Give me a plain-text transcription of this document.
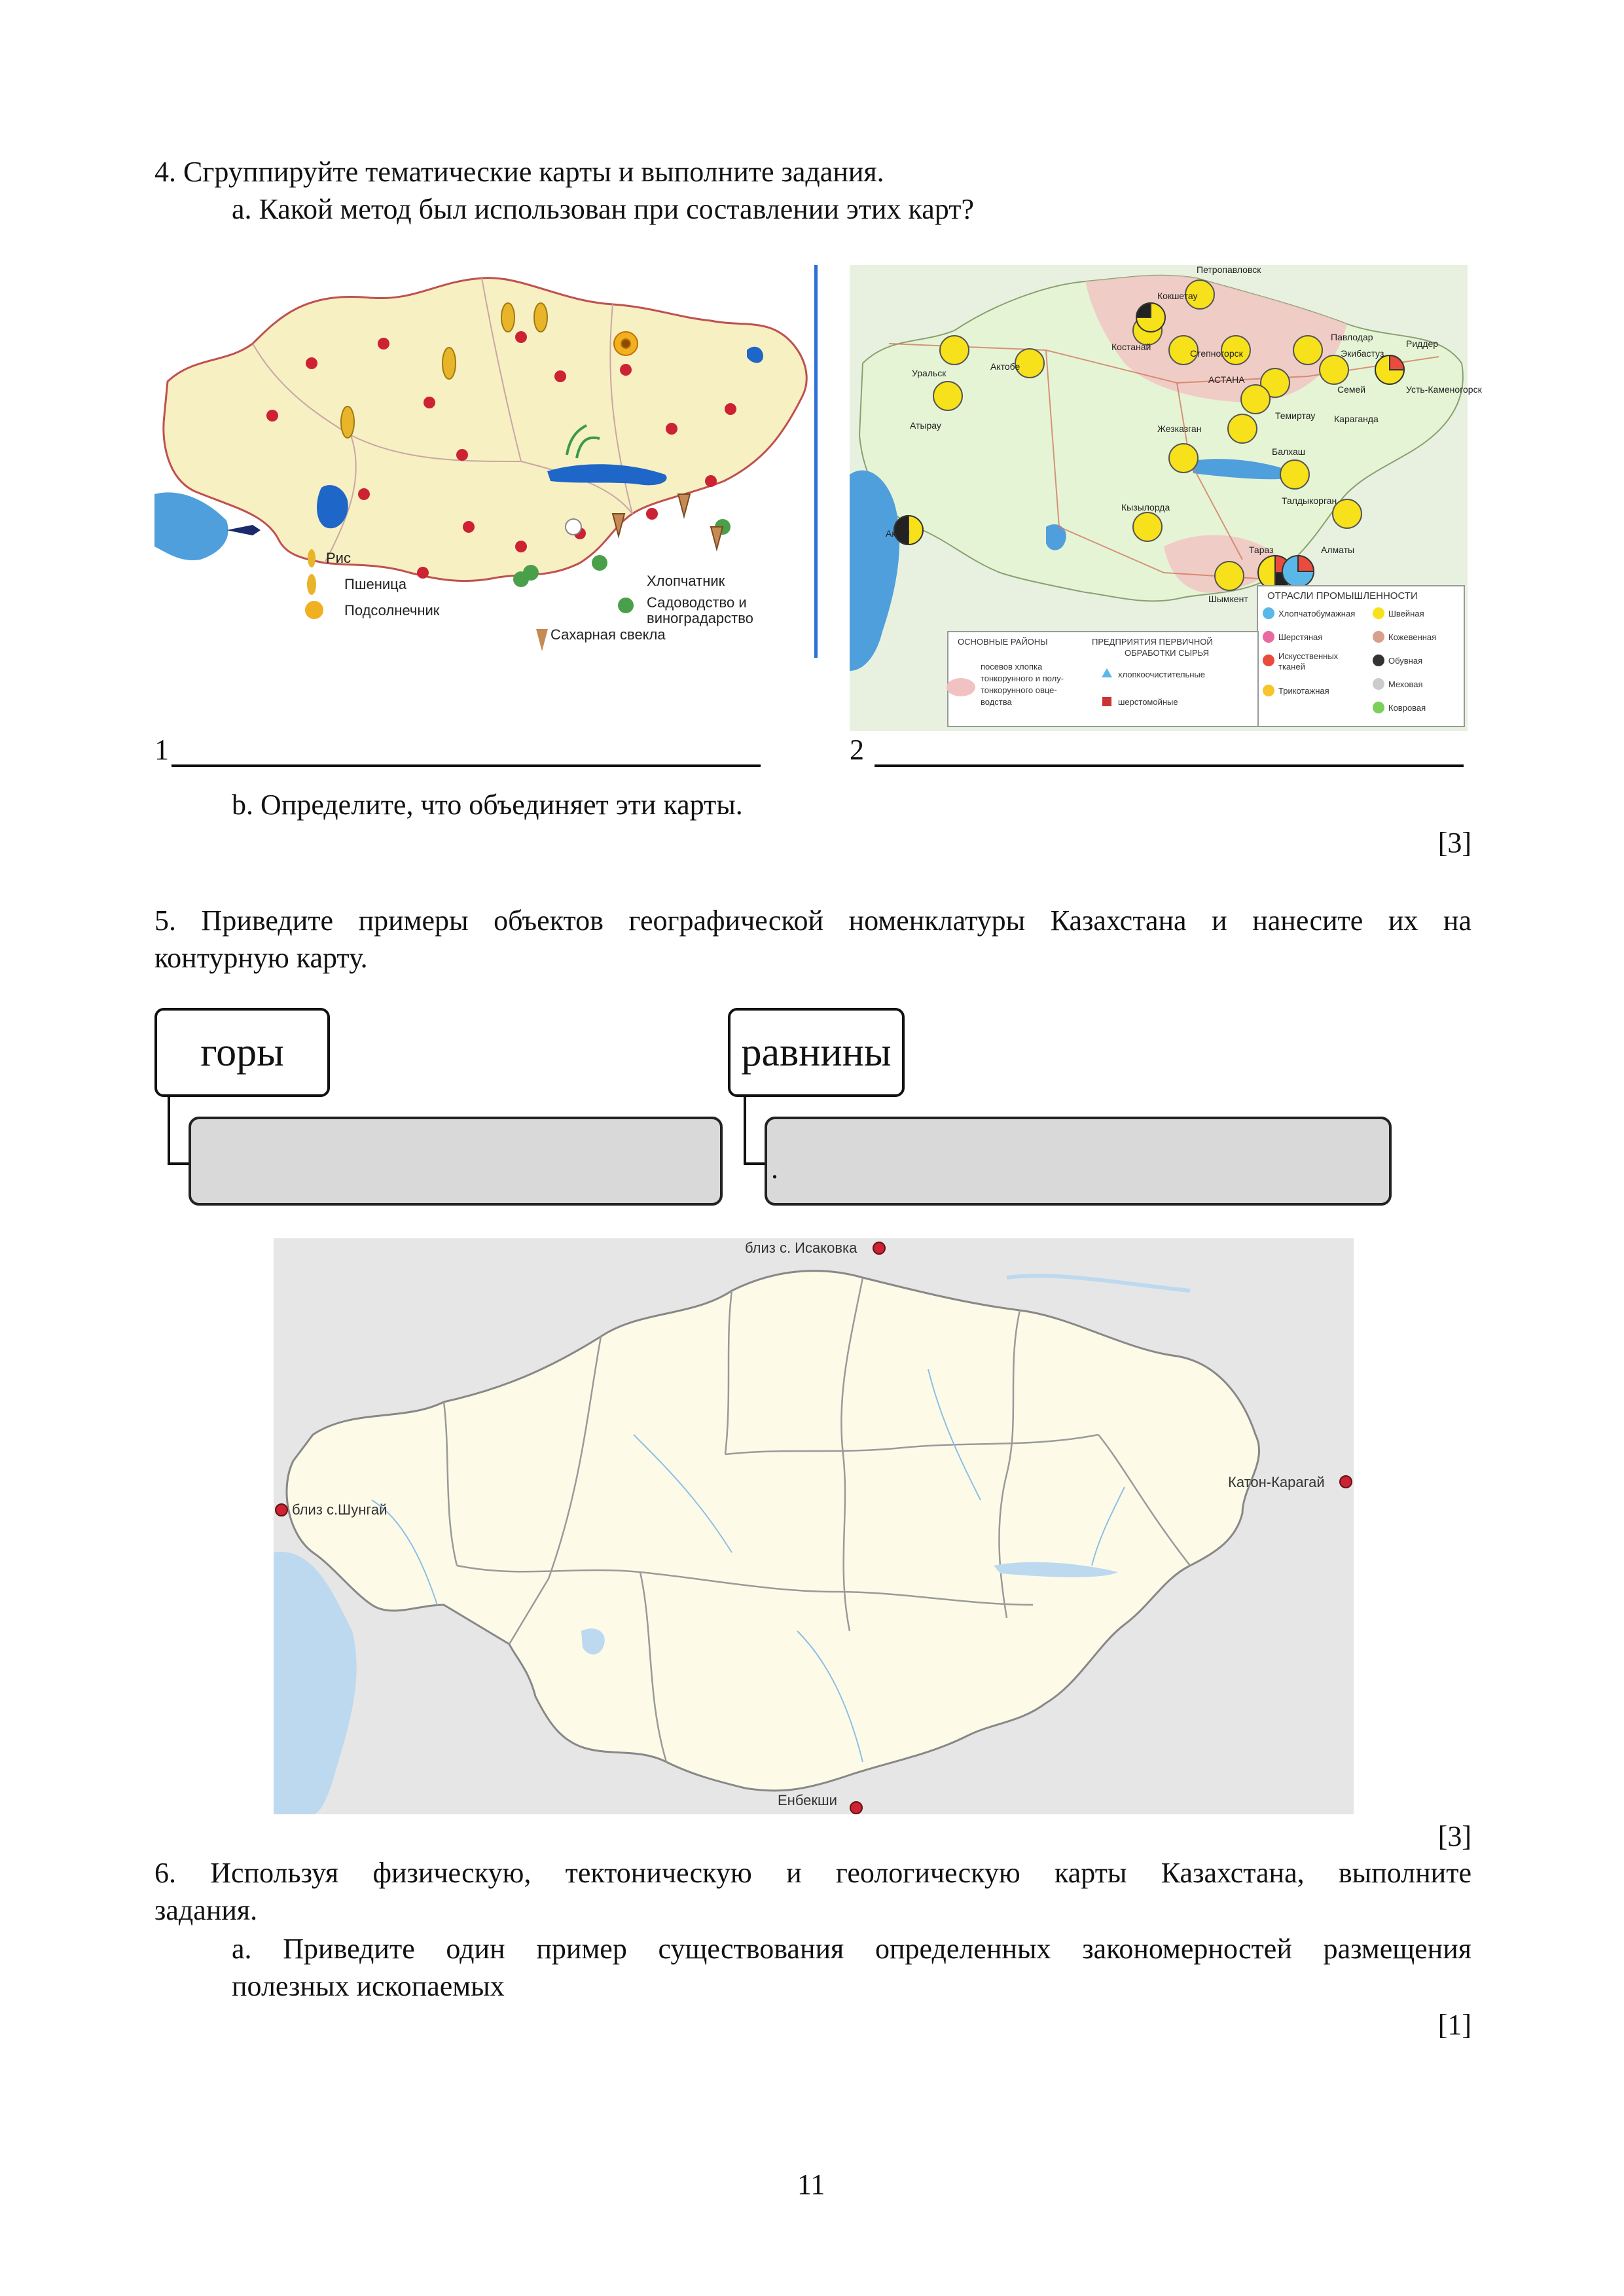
4. Сгруппируйте тематические карты и выполните задания.
а. Какой метод был использован при составлении этих карт?
Рис
Пшеница
Подсолнечник
Хлопчатник
Садоводство и
виноградарство
Сахарная свекла
Петропавловск
Кокшетау
Костанай
Степногорск
Павлодар
Риддер
Экибастуз
Семей	Усть-Каменогорск
Уральск
Актобе
АСТАНА
Темиртау Караганда
Атырау	Жезказган
Балхаш
Талдыкорган
Кызылорда
Актау
Тараз
Шымкент
Алматы
ОТРАСЛИ ПРОМЫШЛЕННОСТИ
Хлопчатобумажная	Швейная
Шерстяная	Кожевенная
Искусственных
тканей
Обувная
Трикотажная
Меховая
Ковровая
ОСНОВНЫЕ РАЙОНЫ	ПРЕДПРИЯТИЯ ПЕРВИЧНОЙ
ОБРАБОТКИ СЫРЬЯ
посевов хлопка
тонкорунного и полу-
тонкорунного овце-
водства
хлопкоочистительные
шерстомойные
1	2
b. Определите, что объединяет эти карты.
[3]
5. Приведите примеры объектов географической номенклатуры Казахстана и нанесите их на
контурную карту.
горы	равнины
.
близ с. Исаковка
близ с.Шунгай
Катон-Карагай
Енбекши
[3]
6. Используя физическую, тектоническую и геологическую карты Казахстана, выполните
задания.
а. Приведите один пример существования определенных закономерностей размещения
полезных ископаемых
[1]
11
